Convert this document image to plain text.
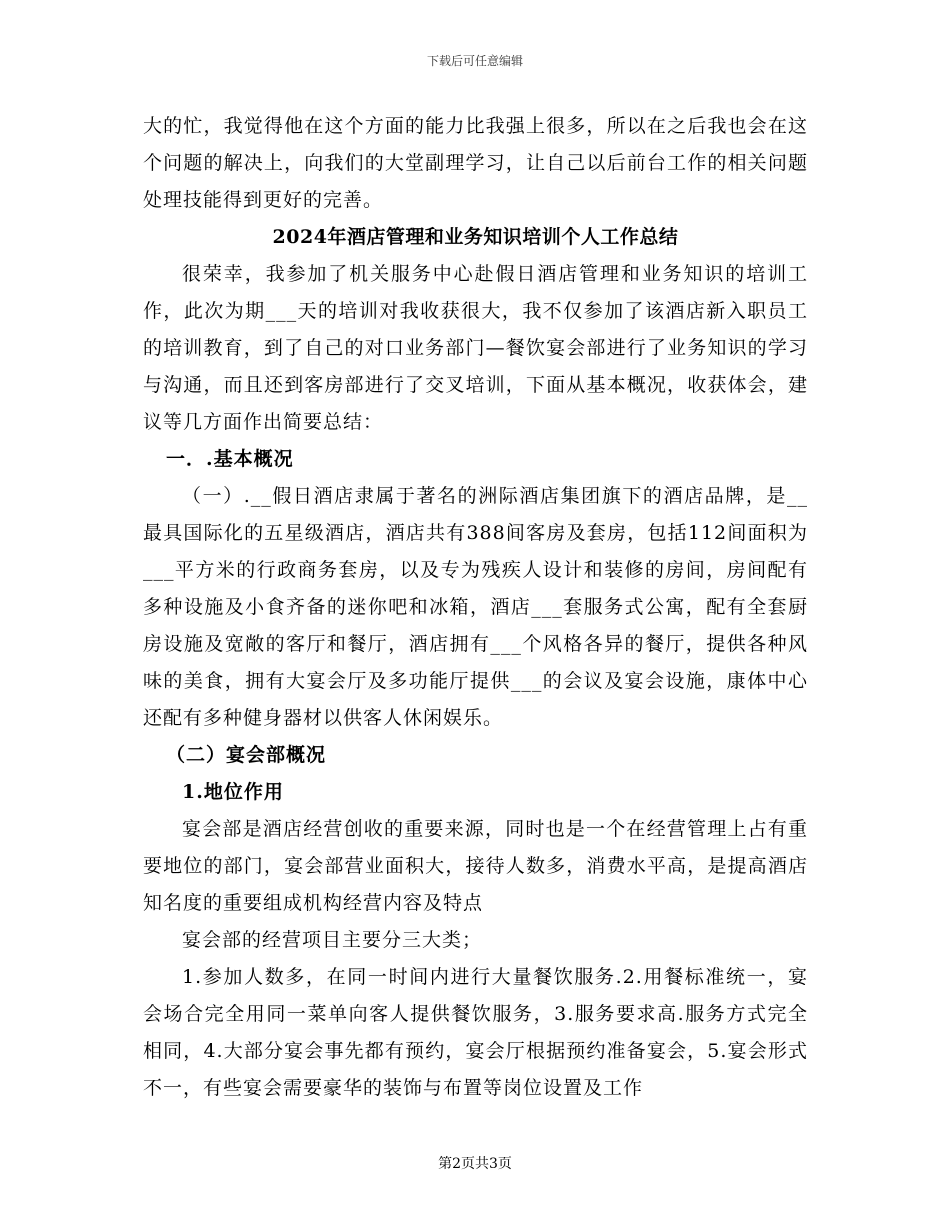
下载后可任意编辑

大的忙，我觉得他在这个方面的能力比我强上很多，所以在之后我也会在这个问题的解决上，向我们的大堂副理学习，让自己以后前台工作的相关问题处理技能得到更好的完善。

2024年酒店管理和业务知识培训个人工作总结

很荣幸，我参加了机关服务中心赴假日酒店管理和业务知识的培训工作，此次为期___天的培训对我收获很大，我不仅参加了该酒店新入职员工的培训教育，到了自己的对口业务部门—餐饮宴会部进行了业务知识的学习与沟通，而且还到客房部进行了交叉培训，下面从基本概况，收获体会，建议等几方面作出简要总结：

一．.基本概况

（一）.__假日酒店隶属于著名的洲际酒店集团旗下的酒店品牌，是__最具国际化的五星级酒店，酒店共有388间客房及套房，包括112间面积为___平方米的行政商务套房，以及专为残疾人设计和装修的房间，房间配有多种设施及小食齐备的迷你吧和冰箱，酒店___套服务式公寓，配有全套厨房设施及宽敞的客厅和餐厅，酒店拥有___个风格各异的餐厅，提供各种风味的美食，拥有大宴会厅及多功能厅提供___的会议及宴会设施，康体中心还配有多种健身器材以供客人休闲娱乐。

（二）宴会部概况

1.地位作用

宴会部是酒店经营创收的重要来源，同时也是一个在经营管理上占有重要地位的部门，宴会部营业面积大，接待人数多，消费水平高，是提高酒店知名度的重要组成机构经营内容及特点

宴会部的经营项目主要分三大类；

1.参加人数多，在同一时间内进行大量餐饮服务.2.用餐标准统一，宴会场合完全用同一菜单向客人提供餐饮服务，3.服务要求高.服务方式完全相同，4.大部分宴会事先都有预约，宴会厅根据预约准备宴会，5.宴会形式不一，有些宴会需要豪华的装饰与布置等岗位设置及工作

第2页共3页
